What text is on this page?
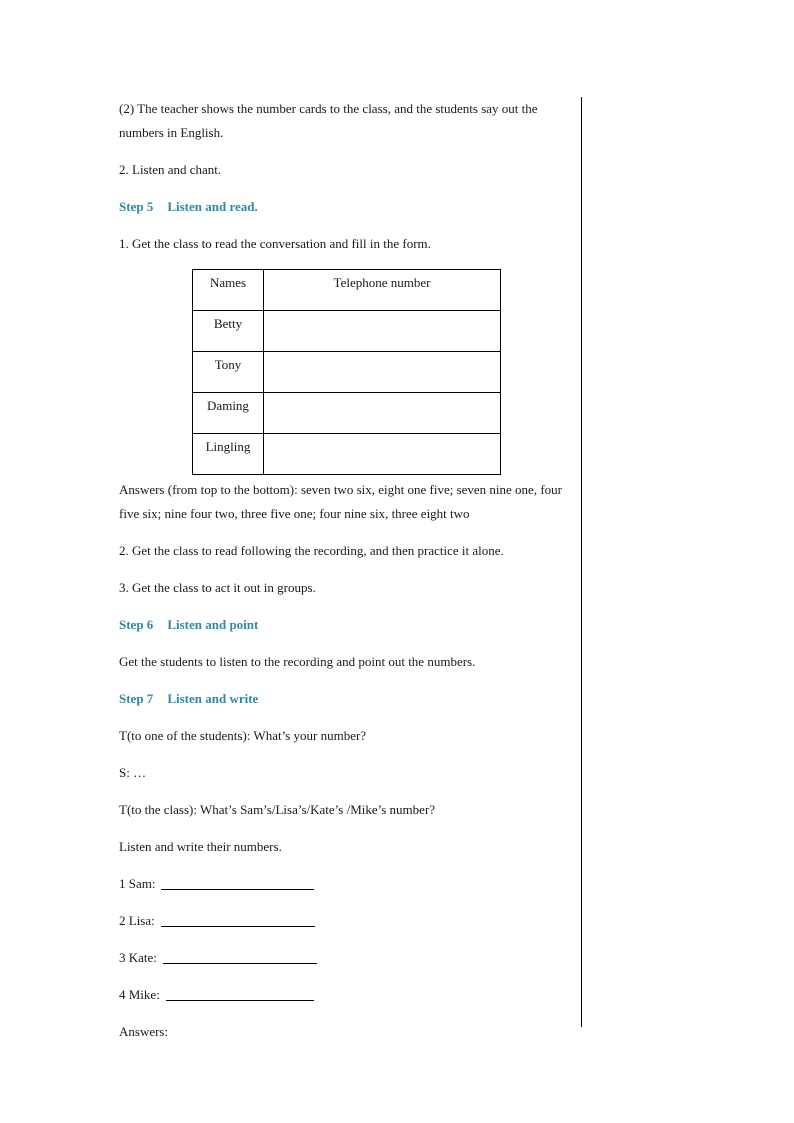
(2) The teacher shows the number cards to the class, and the students say out the numbers in English.

2. Listen and chant.

Step 5 Listen and read.

1. Get the class to read the conversation and fill in the form.

Names	Telephone number
Betty	
Tony	
Daming	
Lingling	

Answers (from top to the bottom): seven two six, eight one five; seven nine one, four five six; nine four two, three five one; four nine six, three eight two

2. Get the class to read following the recording, and then practice it alone.

3. Get the class to act it out in groups.

Step 6 Listen and point

Get the students to listen to the recording and point out the numbers.

Step 7 Listen and write

T(to one of the students): What’s your number?

S: …

T(to the class): What’s Sam’s/Lisa’s/Kate’s /Mike’s number?

Listen and write their numbers.

1 Sam:

2 Lisa:

3 Kate:

4 Mike:

Answers:
